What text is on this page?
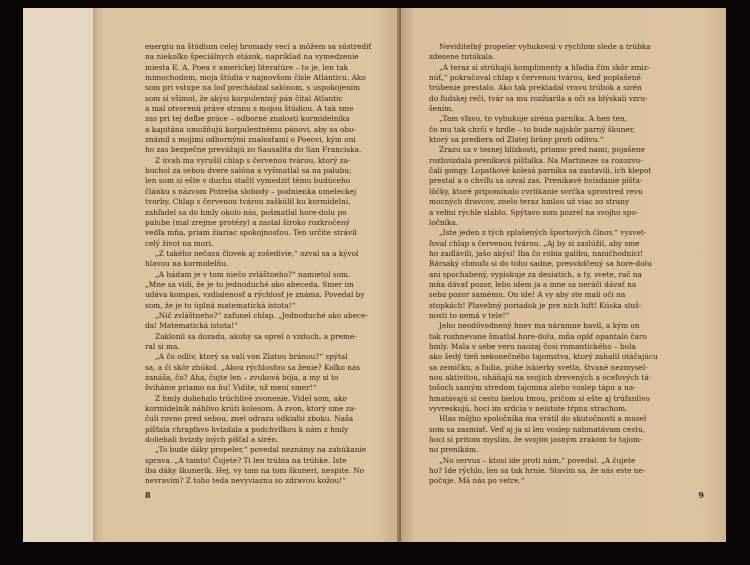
energiu na štúdium celej hromady vecí a môžem sa sústrediť
na niekoľko špeciálnych otázok, napríklad na vymedzenie
miesta E. A. Poea v americkej literatúre – to je, len tak
mimochodom, moja štúdia v najnovšom čísle Atlanticu. Ako
som pri vstupe na loď prechádzal salónom, s uspokojením
som si všimol, že akýsi korpulentný pán čítal Atlantic
a mal otvorenú práve stranu s mojou štúdiou. A tak sme
zas pri tej deľbe práce – odborné znalosti kormidelníka
a kapitána umožňujú korpulentnému pánovi, aby sa obo-
známil s mojimi odbornými znalosťami o Poeovi, kým oni
ho zas bezpečne prevážajú zo Sausalita do San Franciska.
Z úvah ma vyrušil chlap s červenou tvárou, ktorý za-
buchol za sebou dvere salóna a vyšmatlal sa na palubu;
len som si ešte v duchu stačil vymedziť tému budúceho
článku s názvom Potreba slobody – podnienka umeleckej
tvorby. Chlap s červenou tvárou zaškúlil ku kormidelni,
zahľadel sa do hmly okolo nás, pošmatlal hore-dolu po
palube (mal zrejme protézy) a zastal široko rozkročený
vedľa mňa, priam žiariac spokojnosťou. Ten určite strávil
celý život na mori.
„Z takého nečasu človek aj zošedivie,“ ozval sa a kývol
hlavou na kormidelňu.
„A hádam je v tom niečo zvláštneho?“ namietol som.
„Mne sa vidí, že je to jednoduché ako abeceda. Smer im
udáva kompas, vzdialenosť a rýchlosť je známa. Povedal by
som, že je to úplná matematická istota!“
„Nič zvláštneho?“ zafunel chlap. „Jednoduché ako abece-
da! Matematická istota!“
Zaklonil sa dozadu, akoby sa oprel o vzduch, a preme-
ral si ma.
„A čo odliv, ktorý sa valí von Zlatou bránou?“ spýtal
sa, a či skôr zhúkol. „Akou rýchlosťou sa ženie? Koľko nás
zanáša, čo? Aha, čujte len – zvuková bója, a my si to
šviháme priamo na ňu! Vidíte, už mení smer!“
Z hmly doliehalo trúchlivé zvonenie. Videl som, ako
kormidelník náhlivo krúti kolesom. A zvon, ktorý sme za-
čuli rovno pred sebou, znel odrazu odkiaľsi zboku. Naša
píšťala chrapľavo hvízdala a podchvíľkou k nám z hmly
doliehali hvizdy iných píšťal a sirén.
„To bude dáky propeler,“ povedal neznámy na zahúkanie
sprava. „A tamto! Čujete? Ti len trúbia na trúbke. Iste
iba dáky škunerík. Hej, vy tam na tom škuneri, nespite. No
nevravím? Z toho teda nevyviaznu so zdravou kožou!“
8
Neviditeľný propeler vyhukoval v rýchlom slede a trúbka
zdesene tutúkala.
„A teraz si strúhajú komplimenty a hľadia čím skôr zmiz-
núť,“ pokračoval chlap s červenou tvárou, keď poplašené
trúbenie prestalo. Ako tak prekladal vravu trúbok a sirén
do ľudskej reči, tvár sa mu rozžiarila a oči sa blýskali vzru-
šením.
„Tam vľavo, to vyhukuje siréna parníka. A hen ten,
čo mu tak chrčí v hrdle – to bude najskôr parný škuner,
ktorý sa prediera od Zlatej brány proti odlivu.“
Zrazu sa v tesnej blízkosti, priamo pred nami, pojašene
rozhvízdala prenikavá píšťalka. Na Martineze sa rozozvu-
čali gongy. Lopatkové kolesá parníka sa zastavili, ich klepot
prestal a o chvíľu sa ozval zas. Prenikavé hvízdanie píšťa-
lôčky, ktoré pripomínalo cvrlikanie svrčka uprostred revu
mocných dravcov, znelo teraz hmlou už viac zo strany
a veľmi rýchle slablo. Spýtavo som pozrel na svojho spo-
ločníka.
„Iste jeden z tých splašených športových člnov,“ vysvet-
ľoval chlap s červenou tvárou. „Aj by si zaslúžil, aby sme
ho zadlávili, jašo akýsi! Iba čo robia galibu, naničhodníci!
Bársaký chmuľo si do toho sadne, presvädčený sa hore-dolu
ani spochabený, vypiskuje za desiatich, a ty, svete, rač na
mňa dávať pozor, lebo idem ja a mne sa neráči dávať na
seba pozor samému. On ide! A vy aby ste mali oči na
stopkách! Plavebný poriadok je pre nich luft! Kúska sluš-
nosti to nemá v tele!“
Jeho neodôvodnený hnev ma náramne bavil, a kým on
tak rozhnevane šmatlal hore-dolu, mňa opäť opantalo čaro
hmly. Mala v sebe veru naozaj čosi romantického – bola
ako šedý tieň nekonečného tajomstva, ktorý zahalil otáčajúcu
sa zemičku, a ľudia, púhe iskierky svetla, štvané nezmysel-
nou aktivitou, uháňajú na svojich drevených a oceľových tá-
tošoch samým stredom tajomna alebo voslep tápu a na-
hmatávajú si cestu bielou tmou, pričom si ešte aj trúfanlivo
vyvreskujú, hoci im srdcia v neistote tŕpnu strachom.
Hlas môjho spoločníka ma vrátil do skutočnosti a musel
som sa zasmiať. Veď aj ja si len voslep nahmatávam cestu,
hoci si pritom myslím, že svojím jasným zrakom to tajom-
no prenikám.
„No servus – ktosi ide proti nám,“ povedal. „A čujete
ho? Ide rýchlo, len sa tak hrnie. Stavím sa, že nás este ne-
počuje. Má nás po vetre.“
9
